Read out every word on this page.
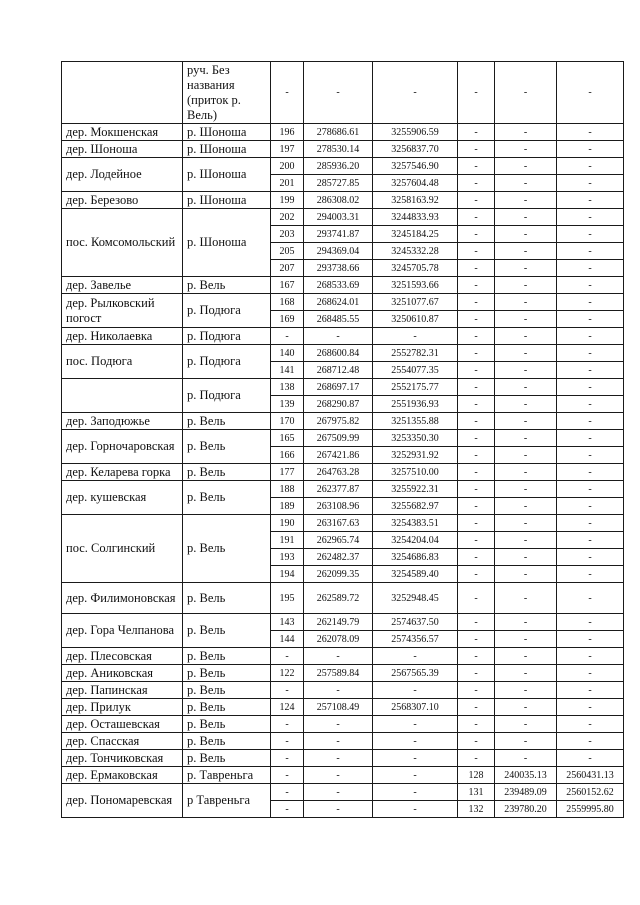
	руч. Без названия (приток р. Вель)	-	-	-	-	-	-
дер. Мокшенская	р. Шоноша	196	278686.61	3255906.59	-	-	-
дер. Шоноша	р. Шоноша	197	278530.14	3256837.70	-	-	-
дер. Лодейное	р. Шоноша	200	285936.20	3257546.90	-	-	-
		201	285727.85	3257604.48	-	-	-
дер. Березово	р. Шоноша	199	286308.02	3258163.92	-	-	-
пос. Комсомольский	р. Шоноша	202	294003.31	3244833.93	-	-	-
		203	293741.87	3245184.25	-	-	-
		205	294369.04	3245332.28	-	-	-
		207	293738.66	3245705.78	-	-	-
дер. Завелье	р. Вель	167	268533.69	3251593.66	-	-	-
дер. Рылковский погост	р. Подюга	168	268624.01	3251077.67	-	-	-
		169	268485.55	3250610.87	-	-	-
дер. Николаевка	р. Подюга	-	-	-	-	-	-
пос. Подюга	р. Подюга	140	268600.84	2552782.31	-	-	-
		141	268712.48	2554077.35	-	-	-
	р. Подюга	138	268697.17	2552175.77	-	-	-
		139	268290.87	2551936.93	-	-	-
дер. Заподюжье	р. Вель	170	267975.82	3251355.88	-	-	-
дер. Горночаровская	р. Вель	165	267509.99	3253350.30	-	-	-
		166	267421.86	3252931.92	-	-	-
дер. Келарева горка	р. Вель	177	264763.28	3257510.00	-	-	-
дер. кушевская	р. Вель	188	262377.87	3255922.31	-	-	-
		189	263108.96	3255682.97	-	-	-
пос. Солгинский	р. Вель	190	263167.63	3254383.51	-	-	-
		191	262965.74	3254204.04	-	-	-
		193	262482.37	3254686.83	-	-	-
		194	262099.35	3254589.40	-	-	-
дер. Филимоновская	р. Вель	195	262589.72	3252948.45	-	-	-
дер. Гора Челпанова	р. Вель	143	262149.79	2574637.50	-	-	-
		144	262078.09	2574356.57	-	-	-
дер. Плесовская	р. Вель	-	-	-	-	-	-
дер. Аниковская	р. Вель	122	257589.84	2567565.39	-	-	-
дер. Папинская	р. Вель	-	-	-	-	-	-
дер. Прилук	р. Вель	124	257108.49	2568307.10	-	-	-
дер. Осташевская	р. Вель	-	-	-	-	-	-
дер. Спасская	р. Вель	-	-	-	-	-	-
дер. Тончиковская	р. Вель	-	-	-	-	-	-
дер. Ермаковская	р. Тавреньга	-	-	-	128	240035.13	2560431.13
дер. Пономаревская	р Тавреньга	-	-	-	131	239489.09	2560152.62
		-	-	-	132	239780.20	2559995.80
